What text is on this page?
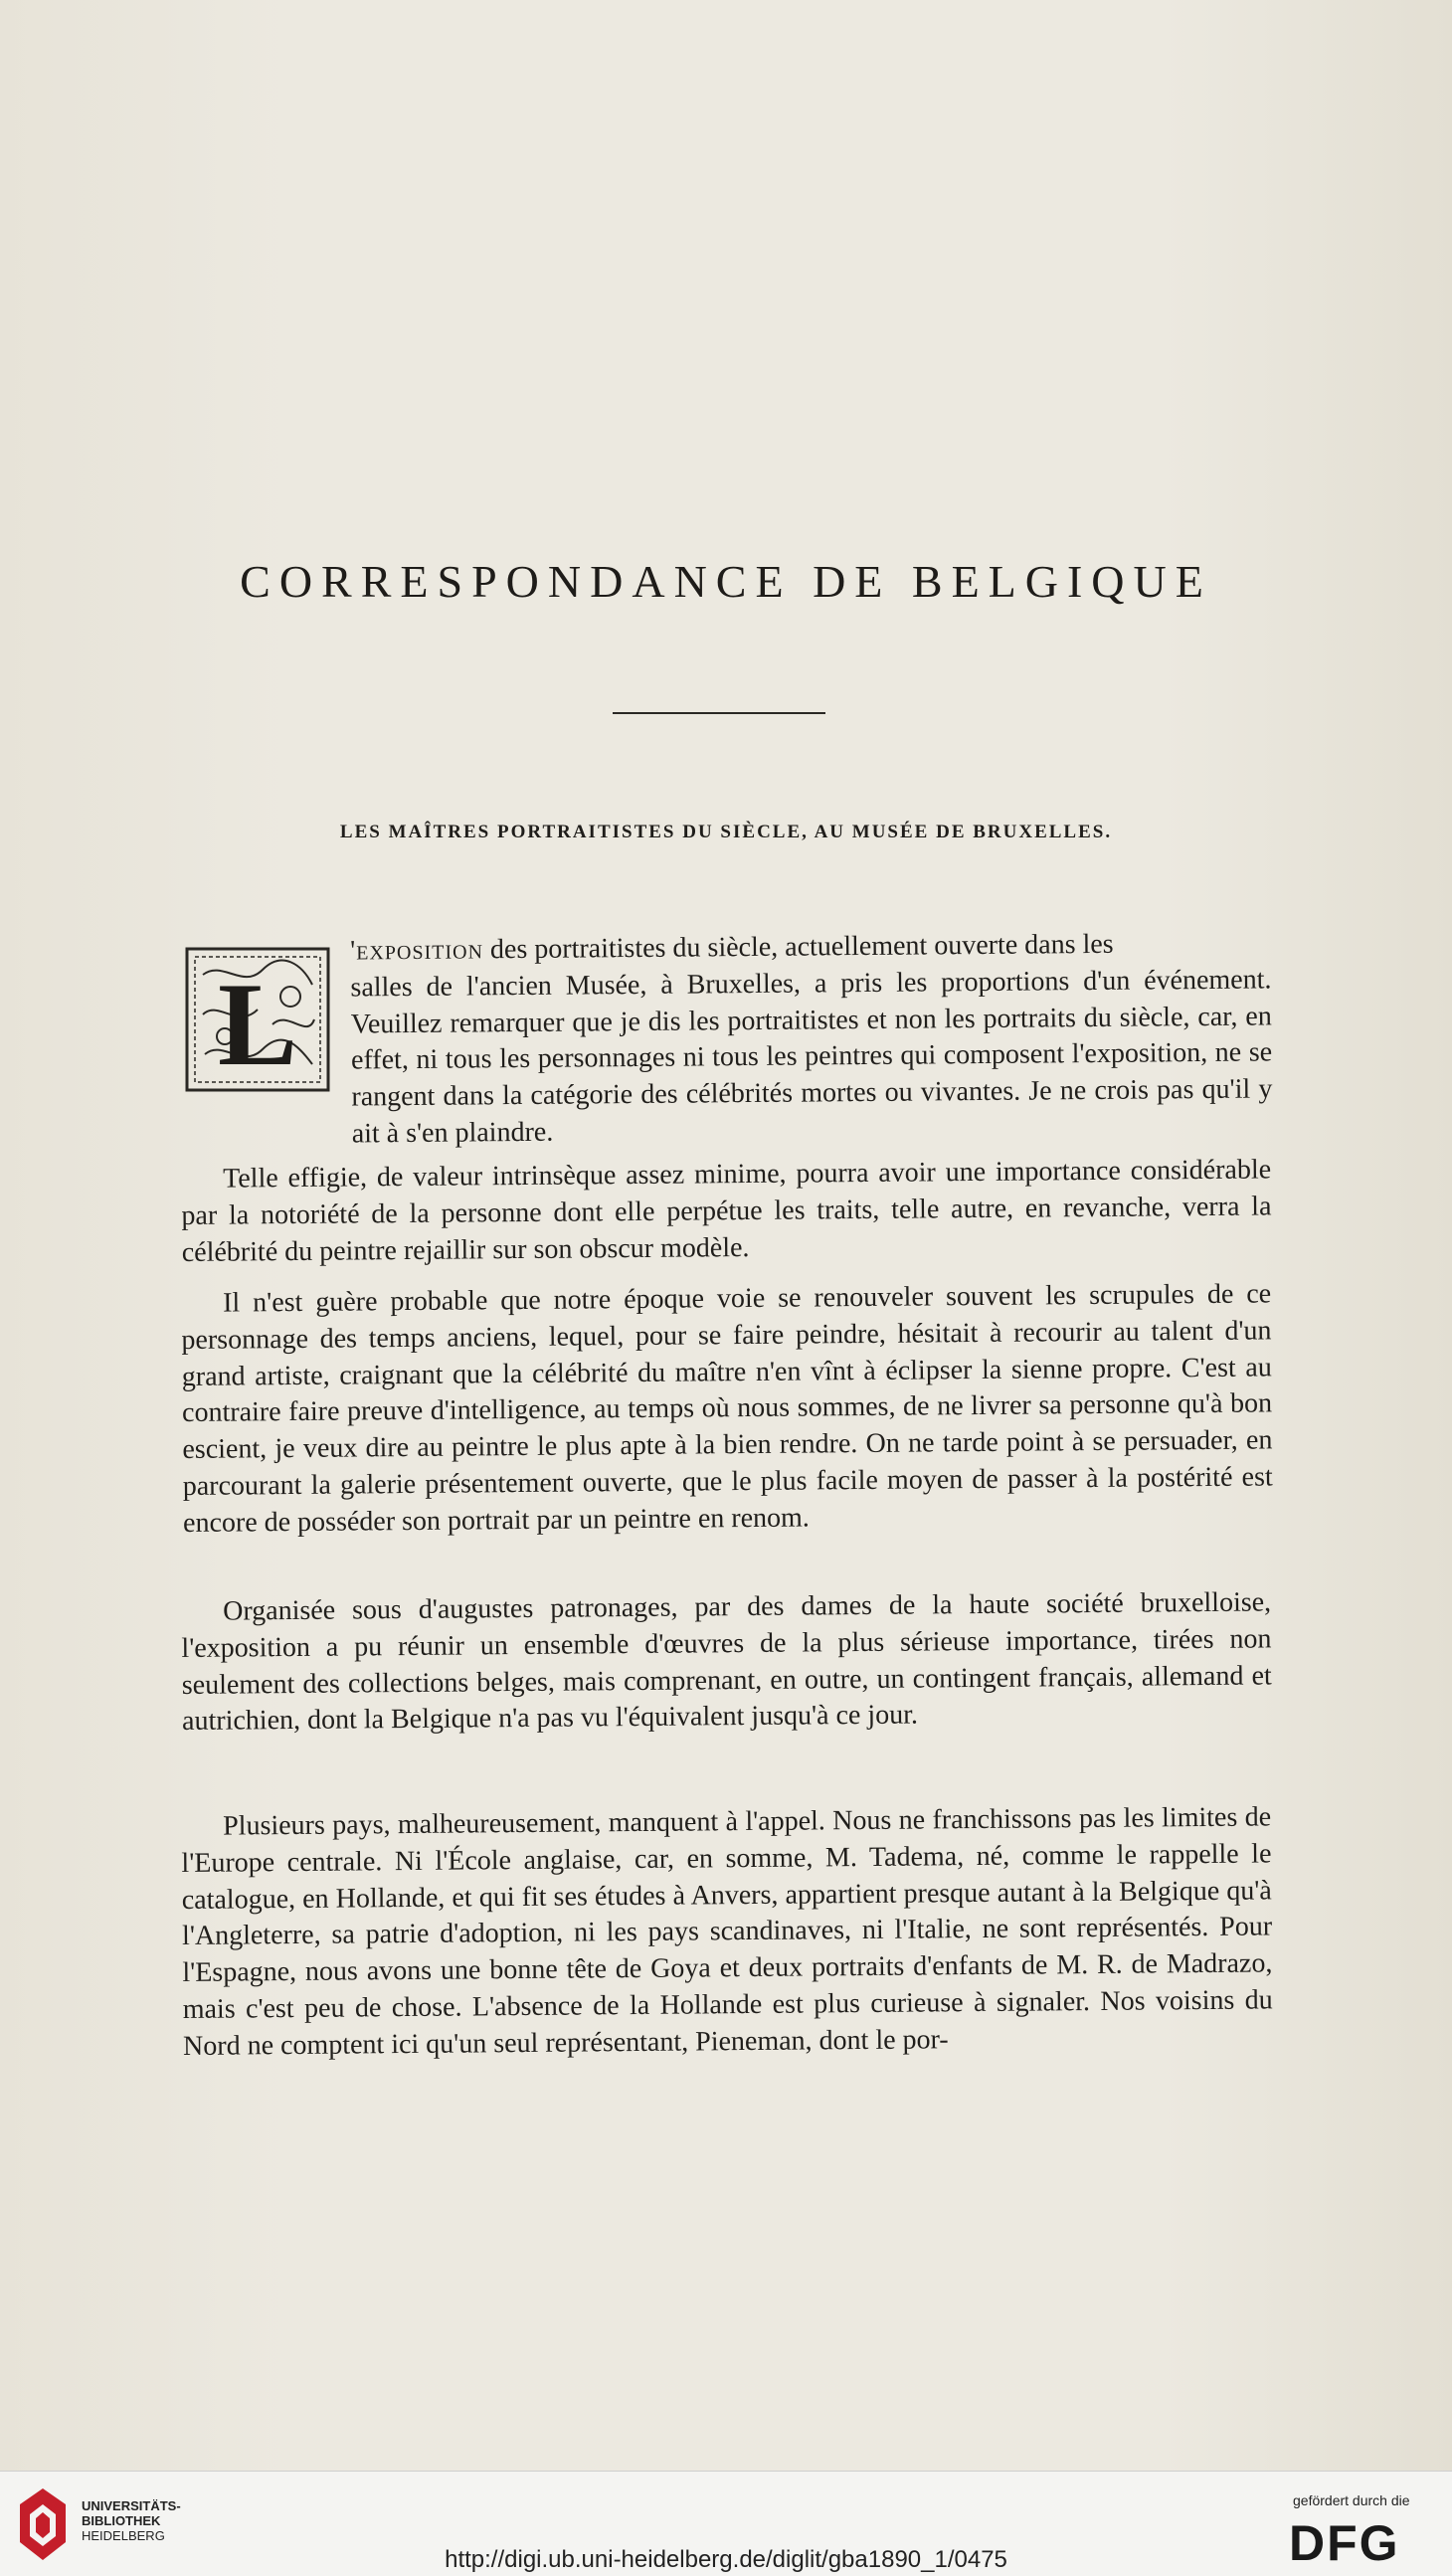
CORRESPONDANCE DE BELGIQUE
LES MAÎTRES PORTRAITISTES DU SIÈCLE, AU MUSÉE DE BRUXELLES.
L

'exposition des portraitistes du siècle, actuellement ouverte dans les
salles de l'ancien Musée, à Bruxelles, a pris les proportions d'un événement. Veuillez remarquer que je dis les portraitistes et non les portraits du siècle, car, en effet, ni tous les personnages ni tous les peintres qui composent l'exposition, ne se rangent dans la catégorie des célébrités mortes ou vivantes. Je ne crois pas qu'il y ait à s'en plaindre.

Telle effigie, de valeur intrinsèque assez minime, pourra avoir une importance considérable par la notoriété de la personne dont elle perpétue les traits, telle autre, en revanche, verra la célébrité du peintre rejaillir sur son obscur modèle.

Il n'est guère probable que notre époque voie se renouveler souvent les scrupules de ce personnage des temps anciens, lequel, pour se faire peindre, hésitait à recourir au talent d'un grand artiste, craignant que la célébrité du maître n'en vînt à éclipser la sienne propre. C'est au contraire faire preuve d'intelligence, au temps où nous sommes, de ne livrer sa personne qu'à bon escient, je veux dire au peintre le plus apte à la bien rendre. On ne tarde point à se persuader, en parcourant la galerie présentement ouverte, que le plus facile moyen de passer à la postérité est encore de posséder son portrait par un peintre en renom.

Organisée sous d'augustes patronages, par des dames de la haute société bruxelloise, l'exposition a pu réunir un ensemble d'œuvres de la plus sérieuse importance, tirées non seulement des collections belges, mais comprenant, en outre, un contingent français, allemand et autrichien, dont la Belgique n'a pas vu l'équivalent jusqu'à ce jour.

Plusieurs pays, malheureusement, manquent à l'appel. Nous ne franchissons pas les limites de l'Europe centrale. Ni l'École anglaise, car, en somme, M. Tadema, né, comme le rappelle le catalogue, en Hollande, et qui fit ses études à Anvers, appartient presque autant à la Belgique qu'à l'Angleterre, sa patrie d'adoption, ni les pays scandinaves, ni l'Italie, ne sont représentés. Pour l'Espagne, nous avons une bonne tête de Goya et deux portraits d'enfants de M. R. de Madrazo, mais c'est peu de chose. L'absence de la Hollande est plus curieuse à signaler. Nos voisins du Nord ne comptent ici qu'un seul représentant, Pieneman, dont le por-

UNIVERSITÄTS-
BIBLIOTHEK
HEIDELBERG
http://digi.ub.uni-heidelberg.de/diglit/gba1890_1/0475
gefördert durch die
DFG
